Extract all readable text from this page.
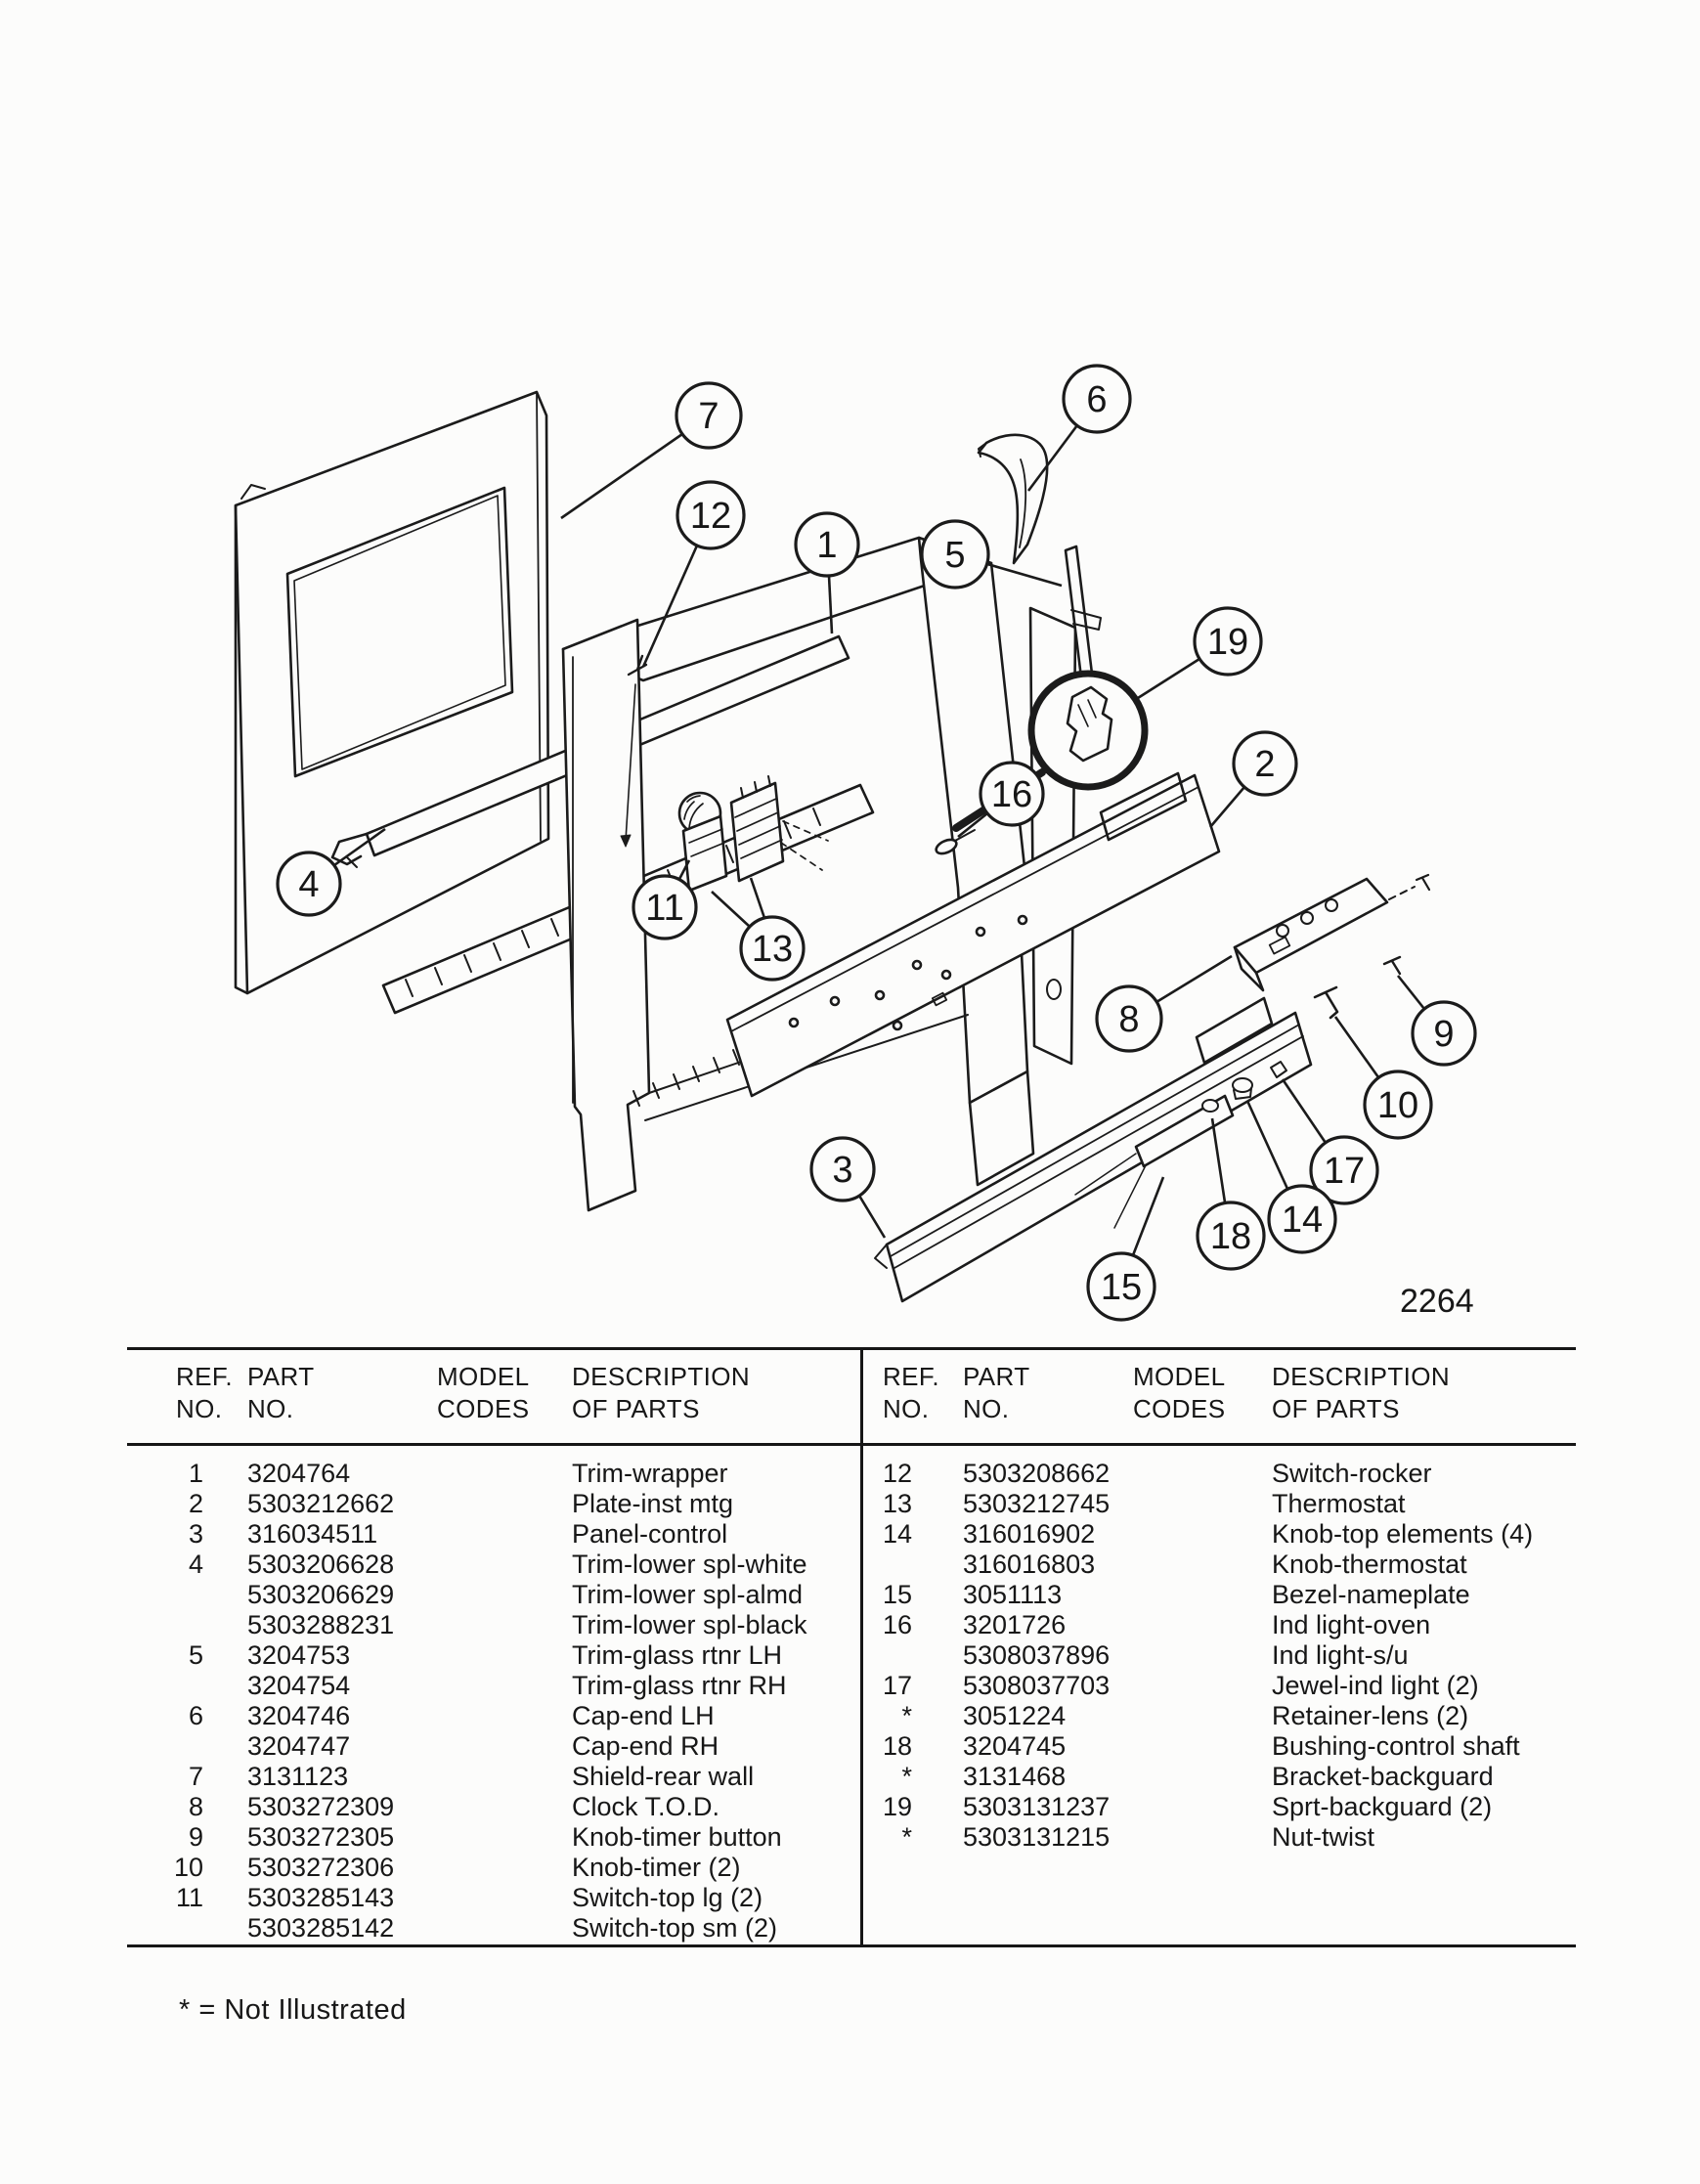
7
12
1	5
6
19
2
16
4
11
13
8	9
10
17
14
18
3
15	2264
REF.
NO.
PART
NO.
MODEL
CODES
DESCRIPTION
OF PARTS
1	3204764	Trim-wrapper
2	5303212662	Plate-inst mtg
3	316034511	Panel-control
4	5303206628	Trim-lower spl-white
5303206629	Trim-lower spl-almd
5303288231	Trim-lower spl-black
5	3204753	Trim-glass rtnr LH
3204754	Trim-glass rtnr RH
6	3204746	Cap-end LH
3204747	Cap-end RH
7	3131123	Shield-rear wall
8	5303272309	Clock T.O.D.
9	5303272305	Knob-timer button
10	5303272306	Knob-timer (2)
11	5303285143	Switch-top lg (2)
5303285142	Switch-top sm (2)
REF.
NO.
PART
NO.
MODEL
CODES
DESCRIPTION
OF PARTS
12	5303208662	Switch-rocker
13	5303212745	Thermostat
14	316016902	Knob-top elements (4)
316016803	Knob-thermostat
15	3051113	Bezel-nameplate
16	3201726	Ind light-oven
5308037896	Ind light-s/u
17	5308037703	Jewel-ind light (2)
*	3051224	Retainer-lens (2)
18	3204745	Bushing-control shaft
*	3131468	Bracket-backguard
19	5303131237	Sprt-backguard (2)
*	5303131215	Nut-twist
* = Not Illustrated
